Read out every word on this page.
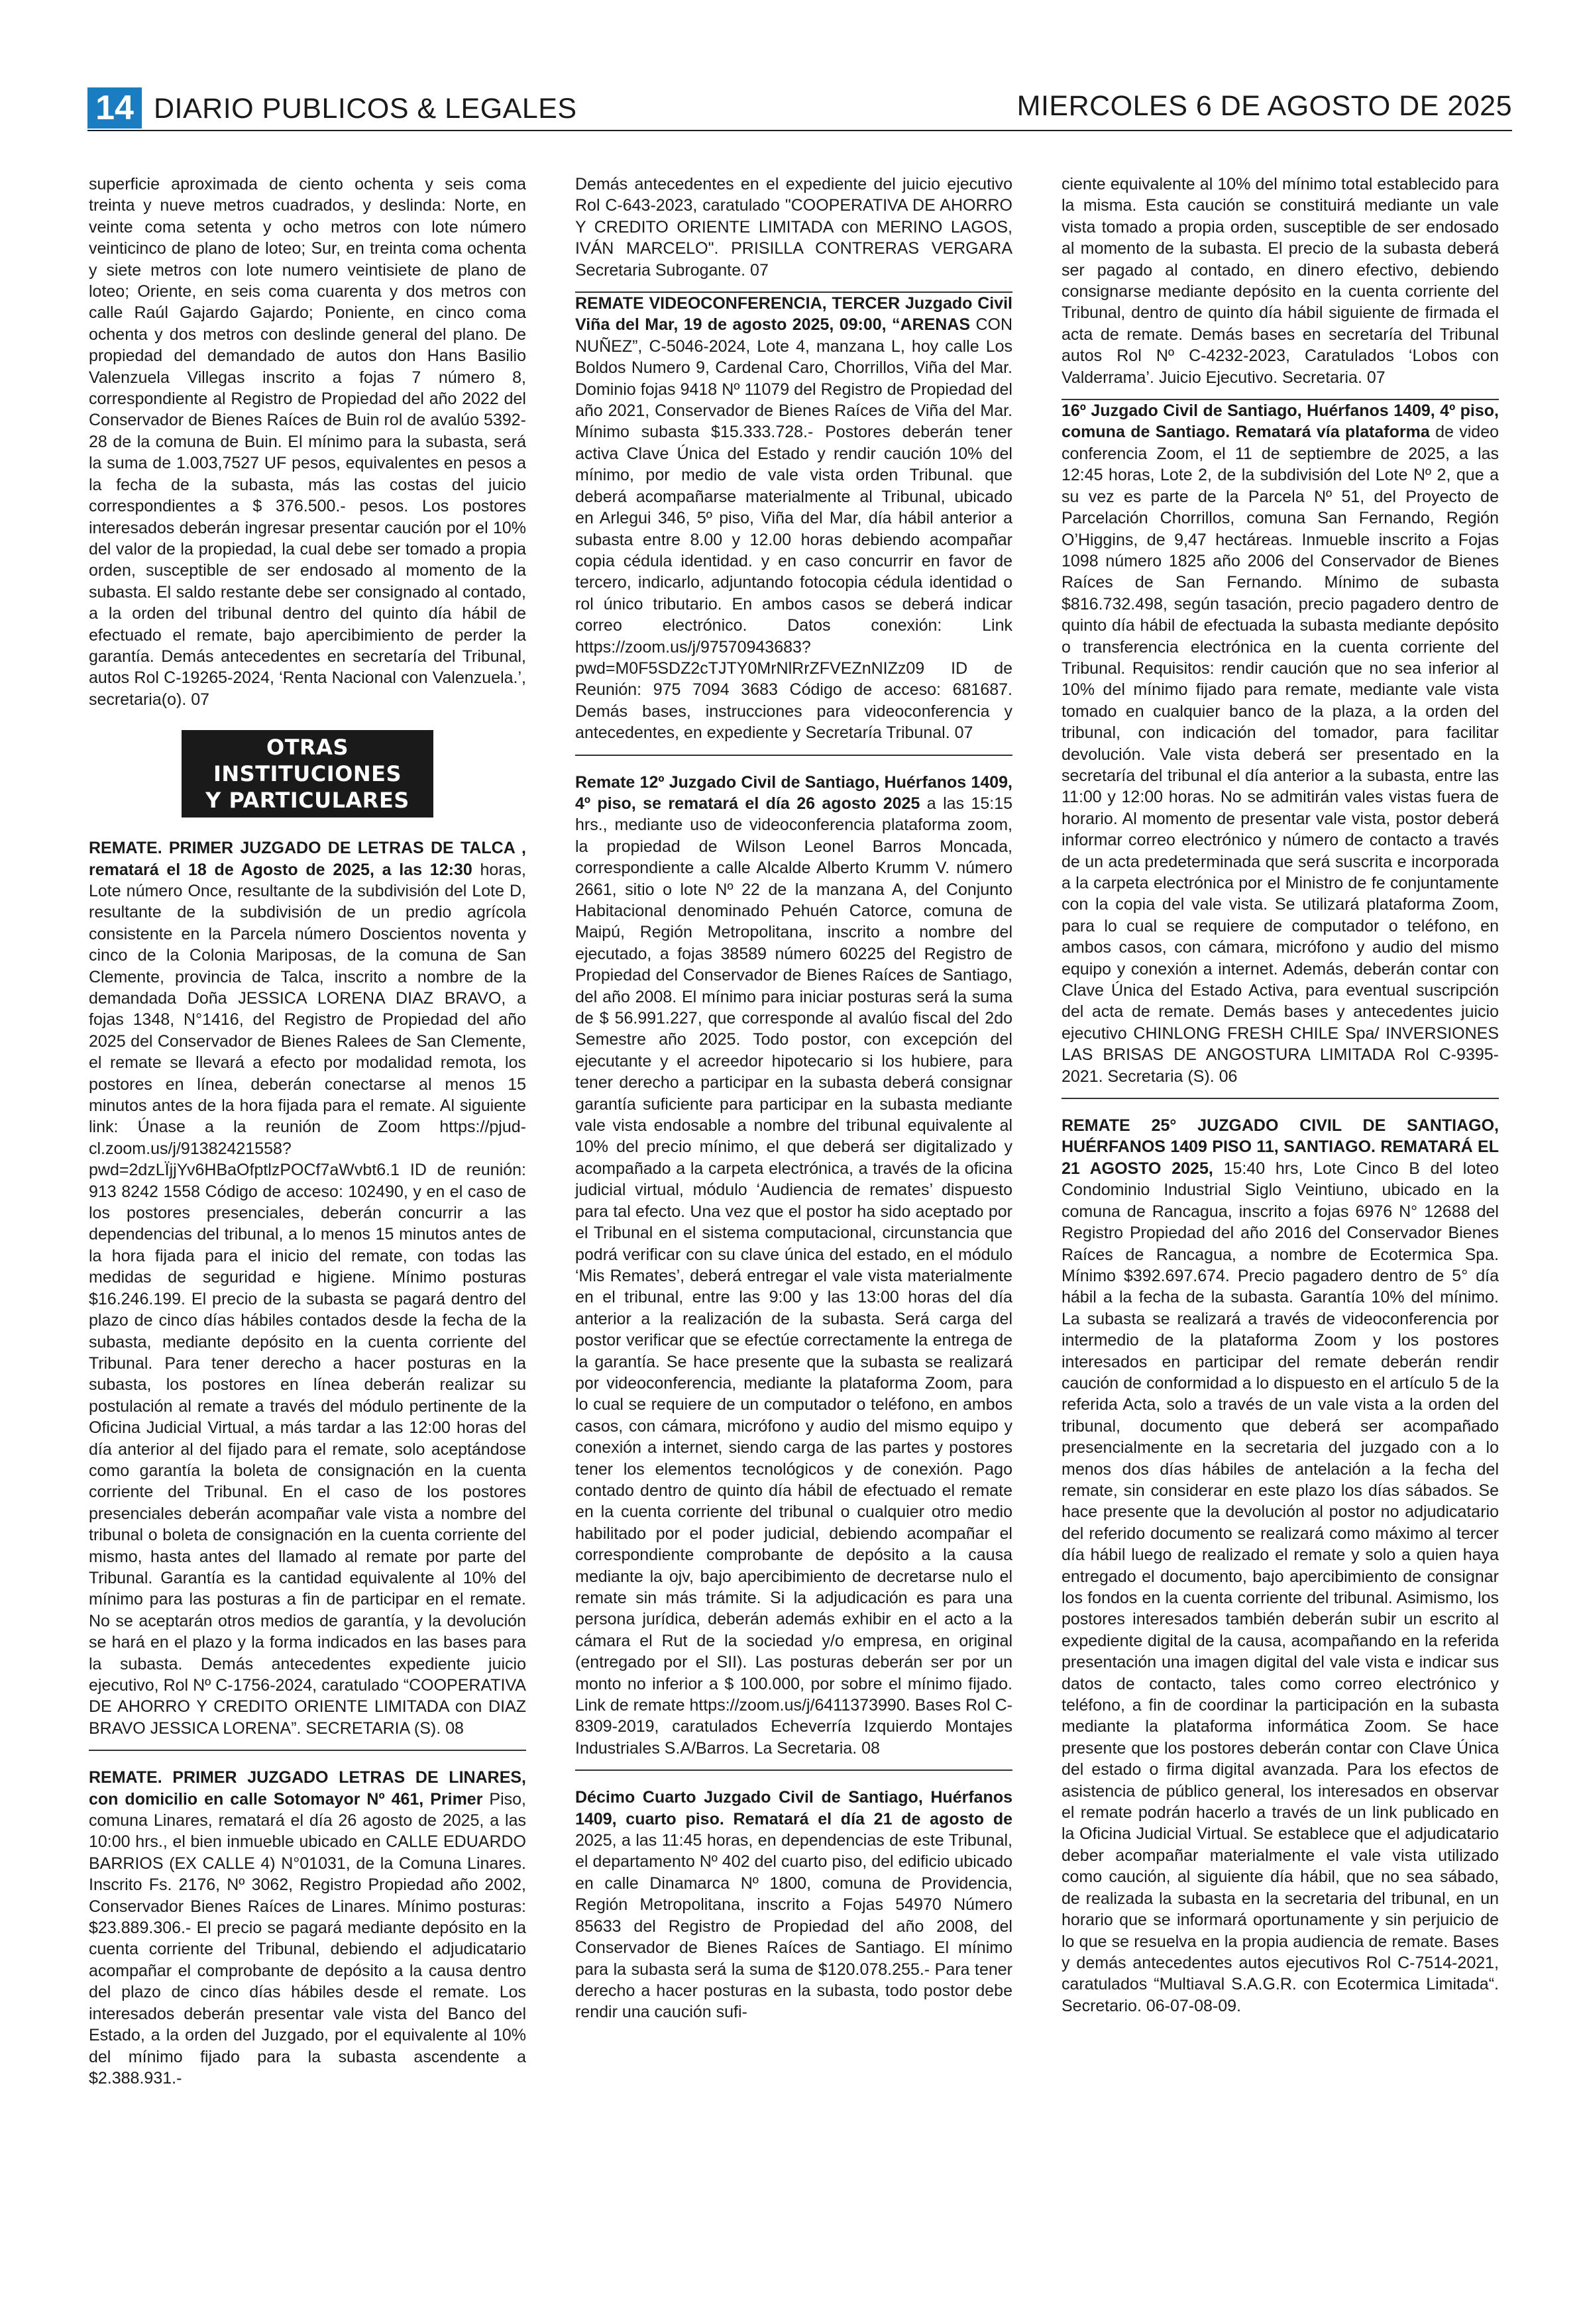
14 DIARIO PUBLICOS & LEGALES	MIERCOLES 6 DE AGOSTO DE 2025

superficie aproximada de ciento ochenta y seis coma treinta y nueve metros cuadrados, y deslinda: Norte, en veinte coma setenta y ocho metros con lote número veinticinco de plano de loteo; Sur, en treinta coma ochenta y siete metros con lote numero veintisiete de plano de loteo; Oriente, en seis coma cuarenta y dos metros con calle Raúl Gajardo Gajardo; Poniente, en cinco coma ochenta y dos metros con deslinde general del plano. De propiedad del demandado de autos don Hans Basilio Valenzuela Villegas inscrito a fojas 7 número 8, correspondiente al Registro de Propiedad del año 2022 del Conservador de Bienes Raíces de Buin rol de avalúo 5392-28 de la comuna de Buin. El mínimo para la subasta, será la suma de 1.003,7527 UF pesos, equivalentes en pesos a la fecha de la subasta, más las costas del juicio correspondientes a $ 376.500.- pesos. Los postores interesados deberán ingresar presentar caución por el 10% del valor de la propiedad, la cual debe ser tomado a propia orden, susceptible de ser endosado al momento de la subasta. El saldo restante debe ser consignado al contado, a la orden del tribunal dentro del quinto día hábil de efectuado el remate, bajo apercibimiento de perder la garantía. Demás antecedentes en secretaría del Tribunal, autos Rol C-19265-2024, ‘Renta Nacional con Valenzuela.’, secretaria(o). 07

OTRAS INSTITUCIONES
Y PARTICULARES

REMATE. PRIMER JUZGADO DE LETRAS DE TALCA , rematará el 18 de Agosto de 2025, a las 12:30 horas, Lote número Once, resultante de la subdivisión del Lote D, resultante de la subdivisión de un predio agrícola consistente en la Parcela número Doscientos noventa y cinco de la Colonia Mariposas, de la comuna de San Clemente, provincia de Talca, inscrito a nombre de la demandada Doña JESSICA LORENA DIAZ BRAVO, a fojas 1348, N°1416, del Registro de Propiedad del año 2025 del Conservador de Bienes Ralees de San Clemente, el remate se llevará a efecto por modalidad remota, los postores en línea, deberán conectarse al menos 15 minutos antes de la hora fijada para el remate. Al siguiente link: Únase a la reunión de Zoom https://pjud-cl.zoom.us/j/91382421558?pwd=2dzLÏjjYv6HBaOfptlzPOCf7aWvbt6.1 ID de reunión: 913 8242 1558 Código de acceso: 102490, y en el caso de los postores presenciales, deberán concurrir a las dependencias del tribunal, a lo menos 15 minutos antes de la hora fijada para el inicio del remate, con todas las medidas de seguridad e higiene. Mínimo posturas $16.246.199. El precio de la subasta se pagará dentro del plazo de cinco días hábiles contados desde la fecha de la subasta, mediante depósito en la cuenta corriente del Tribunal. Para tener derecho a hacer posturas en la subasta, los postores en línea deberán realizar su postulación al remate a través del módulo pertinente de la Oficina Judicial Virtual, a más tardar a las 12:00 horas del día anterior al del fijado para el remate, solo aceptándose como garantía la boleta de consignación en la cuenta corriente del Tribunal. En el caso de los postores presenciales deberán acompañar vale vista a nombre del tribunal o boleta de consignación en la cuenta corriente del mismo, hasta antes del llamado al remate por parte del Tribunal. Garantía es la cantidad equivalente al 10% del mínimo para las posturas a fin de participar en el remate. No se aceptarán otros medios de garantía, y la devolución se hará en el plazo y la forma indicados en las bases para la subasta. Demás antecedentes expediente juicio ejecutivo, Rol Nº C-1756-2024, caratulado “COOPERATIVA DE AHORRO Y CREDITO ORIENTE LIMITADA con DIAZ BRAVO JESSICA LORENA”. SECRETARIA (S). 08

REMATE. PRIMER JUZGADO LETRAS DE LINARES, con domicilio en calle Sotomayor Nº 461, Primer Piso, comuna Linares, rematará el día 26 agosto de 2025, a las 10:00 hrs., el bien inmueble ubicado en CALLE EDUARDO BARRIOS (EX CALLE 4) N°01031, de la Comuna Linares. Inscrito Fs. 2176, Nº 3062, Registro Propiedad año 2002, Conservador Bienes Raíces de Linares. Mínimo posturas: $23.889.306.- El precio se pagará mediante depósito en la cuenta corriente del Tribunal, debiendo el adjudicatario acompañar el comprobante de depósito a la causa dentro del plazo de cinco días hábiles desde el remate. Los interesados deberán presentar vale vista del Banco del Estado, a la orden del Juzgado, por el equivalente al 10% del mínimo fijado para la subasta ascendente a $2.388.931.-

Demás antecedentes en el expediente del juicio ejecutivo Rol C-643-2023, caratulado "COOPERATIVA DE AHORRO Y CREDITO ORIENTE LIMITADA con MERINO LAGOS, IVÁN MARCELO". PRISILLA CONTRERAS VERGARA Secretaria Subrogante. 07

REMATE VIDEOCONFERENCIA, TERCER Juzgado Civil Viña del Mar, 19 de agosto 2025, 09:00, “ARENAS CON NUÑEZ”, C-5046-2024, Lote 4, manzana L, hoy calle Los Boldos Numero 9, Cardenal Caro, Chorrillos, Viña del Mar. Dominio fojas 9418 Nº 11079 del Registro de Propiedad del año 2021, Conservador de Bienes Raíces de Viña del Mar. Mínimo subasta $15.333.728.- Postores deberán tener activa Clave Única del Estado y rendir caución 10% del mínimo, por medio de vale vista orden Tribunal. que deberá acompañarse materialmente al Tribunal, ubicado en Arlegui 346, 5º piso, Viña del Mar, día hábil anterior a subasta entre 8.00 y 12.00 horas debiendo acompañar copia cédula identidad. y en caso concurrir en favor de tercero, indicarlo, adjuntando fotocopia cédula identidad o rol único tributario. En ambos casos se deberá indicar correo electrónico. Datos conexión: Link https://zoom.us/j/97570943683?pwd=M0F5SDZ2cTJTY0MrNlRrZFVEZnNIZz09 ID de Reunión: 975 7094 3683 Código de acceso: 681687. Demás bases, instrucciones para videoconferencia y antecedentes, en expediente y Secretaría Tribunal. 07

Remate 12º Juzgado Civil de Santiago, Huérfanos 1409, 4º piso, se rematará el día 26 agosto 2025 a las 15:15 hrs., mediante uso de videoconferencia plataforma zoom, la propiedad de Wilson Leonel Barros Moncada, correspondiente a calle Alcalde Alberto Krumm V. número 2661, sitio o lote Nº 22 de la manzana A, del Conjunto Habitacional denominado Pehuén Catorce, comuna de Maipú, Región Metropolitana, inscrito a nombre del ejecutado, a fojas 38589 número 60225 del Registro de Propiedad del Conservador de Bienes Raíces de Santiago, del año 2008. El mínimo para iniciar posturas será la suma de $ 56.991.227, que corresponde al avalúo fiscal del 2do Semestre año 2025. Todo postor, con excepción del ejecutante y el acreedor hipotecario si los hubiere, para tener derecho a participar en la subasta deberá consignar garantía suficiente para participar en la subasta mediante vale vista endosable a nombre del tribunal equivalente al 10% del precio mínimo, el que deberá ser digitalizado y acompañado a la carpeta electrónica, a través de la oficina judicial virtual, módulo ‘Audiencia de remates’ dispuesto para tal efecto. Una vez que el postor ha sido aceptado por el Tribunal en el sistema computacional, circunstancia que podrá verificar con su clave única del estado, en el módulo ‘Mis Remates’, deberá entregar el vale vista materialmente en el tribunal, entre las 9:00 y las 13:00 horas del día anterior a la realización de la subasta. Será carga del postor verificar que se efectúe correctamente la entrega de la garantía. Se hace presente que la subasta se realizará por videoconferencia, mediante la plataforma Zoom, para lo cual se requiere de un computador o teléfono, en ambos casos, con cámara, micrófono y audio del mismo equipo y conexión a internet, siendo carga de las partes y postores tener los elementos tecnológicos y de conexión. Pago contado dentro de quinto día hábil de efectuado el remate en la cuenta corriente del tribunal o cualquier otro medio habilitado por el poder judicial, debiendo acompañar el correspondiente comprobante de depósito a la causa mediante la ojv, bajo apercibimiento de decretarse nulo el remate sin más trámite. Si la adjudicación es para una persona jurídica, deberán además exhibir en el acto a la cámara el Rut de la sociedad y/o empresa, en original (entregado por el SII). Las posturas deberán ser por un monto no inferior a $ 100.000, por sobre el mínimo fijado. Link de remate https://zoom.us/j/6411373990. Bases Rol C-8309-2019, caratulados Echeverría Izquierdo Montajes Industriales S.A/Barros. La Secretaria. 08

Décimo Cuarto Juzgado Civil de Santiago, Huérfanos 1409, cuarto piso. Rematará el día 21 de agosto de 2025, a las 11:45 horas, en dependencias de este Tribunal, el departamento Nº 402 del cuarto piso, del edificio ubicado en calle Dinamarca Nº 1800, comuna de Providencia, Región Metropolitana, inscrito a Fojas 54970 Número 85633 del Registro de Propiedad del año 2008, del Conservador de Bienes Raíces de Santiago. El mínimo para la subasta será la suma de $120.078.255.- Para tener derecho a hacer posturas en la subasta, todo postor debe rendir una caución sufi-

ciente equivalente al 10% del mínimo total establecido para la misma. Esta caución se constituirá mediante un vale vista tomado a propia orden, susceptible de ser endosado al momento de la subasta. El precio de la subasta deberá ser pagado al contado, en dinero efectivo, debiendo consignarse mediante depósito en la cuenta corriente del Tribunal, dentro de quinto día hábil siguiente de firmada el acta de remate. Demás bases en secretaría del Tribunal autos Rol Nº C-4232-2023, Caratulados ‘Lobos con Valderrama’. Juicio Ejecutivo. Secretaria. 07

16º Juzgado Civil de Santiago, Huérfanos 1409, 4º piso, comuna de Santiago. Rematará vía plataforma de video conferencia Zoom, el 11 de septiembre de 2025, a las 12:45 horas, Lote 2, de la subdivisión del Lote Nº 2, que a su vez es parte de la Parcela Nº 51, del Proyecto de Parcelación Chorrillos, comuna San Fernando, Región O’Higgins, de 9,47 hectáreas. Inmueble inscrito a Fojas 1098 número 1825 año 2006 del Conservador de Bienes Raíces de San Fernando. Mínimo de subasta $816.732.498, según tasación, precio pagadero dentro de quinto día hábil de efectuada la subasta mediante depósito o transferencia electrónica en la cuenta corriente del Tribunal. Requisitos: rendir caución que no sea inferior al 10% del mínimo fijado para remate, mediante vale vista tomado en cualquier banco de la plaza, a la orden del tribunal, con indicación del tomador, para facilitar devolución. Vale vista deberá ser presentado en la secretaría del tribunal el día anterior a la subasta, entre las 11:00 y 12:00 horas. No se admitirán vales vistas fuera de horario. Al momento de presentar vale vista, postor deberá informar correo electrónico y número de contacto a través de un acta predeterminada que será suscrita e incorporada a la carpeta electrónica por el Ministro de fe conjuntamente con la copia del vale vista. Se utilizará plataforma Zoom, para lo cual se requiere de computador o teléfono, en ambos casos, con cámara, micrófono y audio del mismo equipo y conexión a internet. Además, deberán contar con Clave Única del Estado Activa, para eventual suscripción del acta de remate. Demás bases y antecedentes juicio ejecutivo CHINLONG FRESH CHILE Spa/ INVERSIONES LAS BRISAS DE ANGOSTURA LIMITADA Rol C-9395-2021. Secretaria (S). 06

REMATE 25° JUZGADO CIVIL DE SANTIAGO, HUÉRFANOS 1409 PISO 11, SANTIAGO. REMATARÁ EL 21 AGOSTO 2025, 15:40 hrs, Lote Cinco B del loteo Condominio Industrial Siglo Veintiuno, ubicado en la comuna de Rancagua, inscrito a fojas 6976 N° 12688 del Registro Propiedad del año 2016 del Conservador Bienes Raíces de Rancagua, a nombre de Ecotermica Spa. Mínimo $392.697.674. Precio pagadero dentro de 5° día hábil a la fecha de la subasta. Garantía 10% del mínimo. La subasta se realizará a través de videoconferencia por intermedio de la plataforma Zoom y los postores interesados en participar del remate deberán rendir caución de conformidad a lo dispuesto en el artículo 5 de la referida Acta, solo a través de un vale vista a la orden del tribunal, documento que deberá ser acompañado presencialmente en la secretaria del juzgado con a lo menos dos días hábiles de antelación a la fecha del remate, sin considerar en este plazo los días sábados. Se hace presente que la devolución al postor no adjudicatario del referido documento se realizará como máximo al tercer día hábil luego de realizado el remate y solo a quien haya entregado el documento, bajo apercibimiento de consignar los fondos en la cuenta corriente del tribunal. Asimismo, los postores interesados también deberán subir un escrito al expediente digital de la causa, acompañando en la referida presentación una imagen digital del vale vista e indicar sus datos de contacto, tales como correo electrónico y teléfono, a fin de coordinar la participación en la subasta mediante la plataforma informática Zoom. Se hace presente que los postores deberán contar con Clave Única del estado o firma digital avanzada. Para los efectos de asistencia de público general, los interesados en observar el remate podrán hacerlo a través de un link publicado en la Oficina Judicial Virtual. Se establece que el adjudicatario deber acompañar materialmente el vale vista utilizado como caución, al siguiente día hábil, que no sea sábado, de realizada la subasta en la secretaria del tribunal, en un horario que se informará oportunamente y sin perjuicio de lo que se resuelva en la propia audiencia de remate. Bases y demás antecedentes autos ejecutivos Rol C-7514-2021, caratulados “Multiaval S.A.G.R. con Ecotermica Limitada“. Secretario. 06-07-08-09.
